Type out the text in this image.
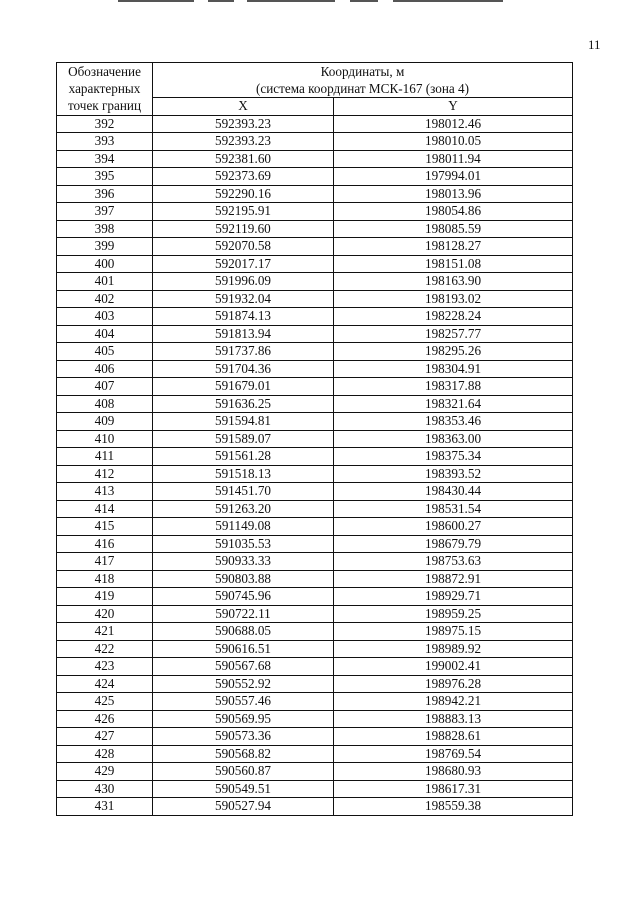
11
Обозначение
характерных
точек границ	Координаты, м
(система координат МСК-167 (зона 4)	

	X	Y
392	592393.23	198012.46
393	592393.23	198010.05
394	592381.60	198011.94
395	592373.69	197994.01
396	592290.16	198013.96
397	592195.91	198054.86
398	592119.60	198085.59
399	592070.58	198128.27
400	592017.17	198151.08
401	591996.09	198163.90
402	591932.04	198193.02
403	591874.13	198228.24
404	591813.94	198257.77
405	591737.86	198295.26
406	591704.36	198304.91
407	591679.01	198317.88
408	591636.25	198321.64
409	591594.81	198353.46
410	591589.07	198363.00
411	591561.28	198375.34
412	591518.13	198393.52
413	591451.70	198430.44
414	591263.20	198531.54
415	591149.08	198600.27
416	591035.53	198679.79
417	590933.33	198753.63
418	590803.88	198872.91
419	590745.96	198929.71
420	590722.11	198959.25
421	590688.05	198975.15
422	590616.51	198989.92
423	590567.68	199002.41
424	590552.92	198976.28
425	590557.46	198942.21
426	590569.95	198883.13
427	590573.36	198828.61
428	590568.82	198769.54
429	590560.87	198680.93
430	590549.51	198617.31
431	590527.94	198559.38
